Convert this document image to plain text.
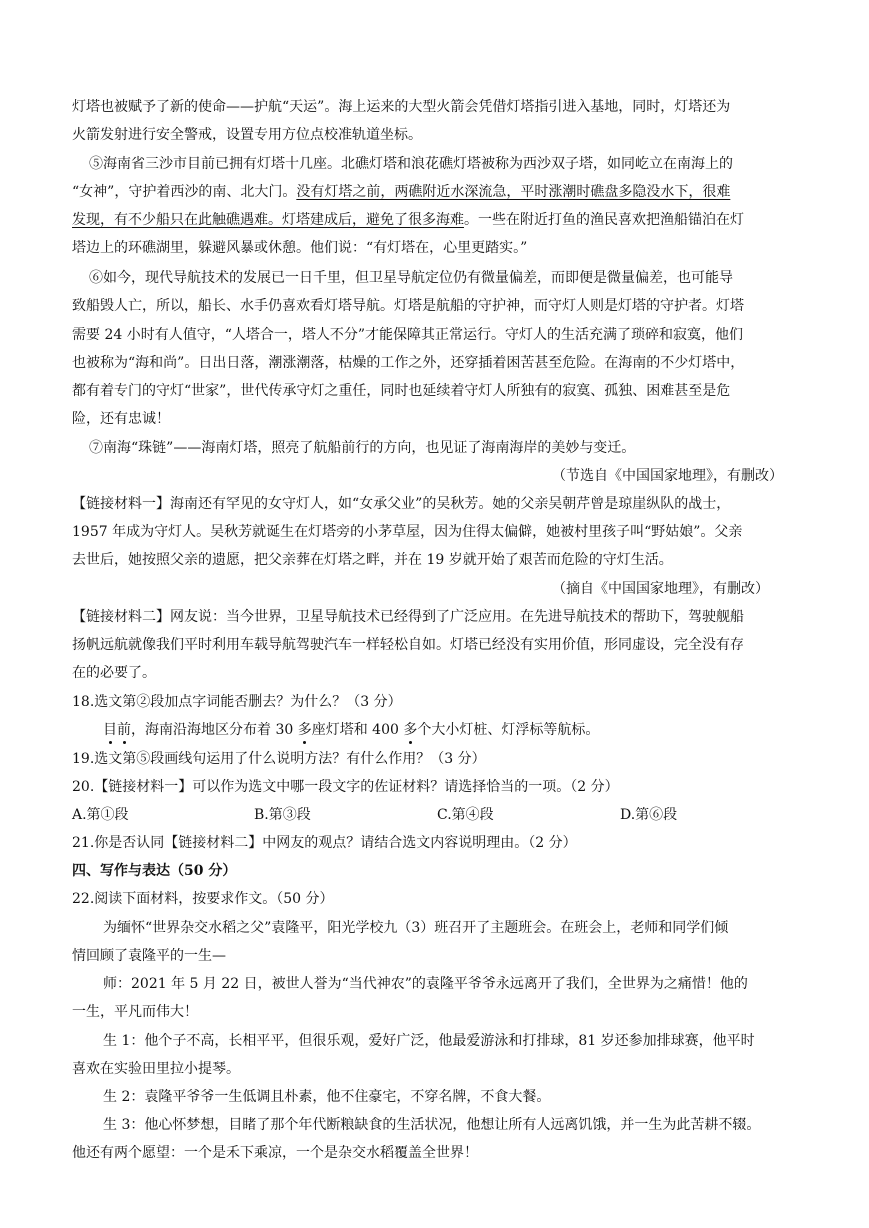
灯塔也被赋予了新的使命——护航“天运”。海上运来的大型火箭会凭借灯塔指引进入基地，同时，灯塔还为
火箭发射进行安全警戒，设置专用方位点校准轨道坐标。
⑤海南省三沙市目前已拥有灯塔十几座。北礁灯塔和浪花礁灯塔被称为西沙双子塔，如同屹立在南海上的
“女神”，守护着西沙的南、北大门。没有灯塔之前，两礁附近水深流急，平时涨潮时礁盘多隐没水下，很难
发现，有不少船只在此触礁遇难。灯塔建成后，避免了很多海难。一些在附近打鱼的渔民喜欢把渔船锚泊在灯
塔边上的环礁湖里，躲避风暴或休憩。他们说：“有灯塔在，心里更踏实。”
⑥如今，现代导航技术的发展已一日千里，但卫星导航定位仍有微量偏差，而即便是微量偏差，也可能导
致船毁人亡，所以，船长、水手仍喜欢看灯塔导航。灯塔是航船的守护神，而守灯人则是灯塔的守护者。灯塔
需要 24 小时有人值守，“人塔合一，塔人不分”才能保障其正常运行。守灯人的生活充满了琐碎和寂寞，他们
也被称为“海和尚”。日出日落，潮涨潮落，枯燥的工作之外，还穿插着困苦甚至危险。在海南的不少灯塔中，
都有着专门的守灯“世家”，世代传承守灯之重任，同时也延续着守灯人所独有的寂寞、孤独、困难甚至是危
险，还有忠诚！
⑦南海“珠链”——海南灯塔，照亮了航船前行的方向，也见证了海南海岸的美妙与变迁。
（节选自《中国国家地理》，有删改）
【链接材料一】海南还有罕见的女守灯人，如“女承父业”的吴秋芳。她的父亲吴朝芹曾是琼崖纵队的战士，
1957 年成为守灯人。吴秋芳就诞生在灯塔旁的小茅草屋，因为住得太偏僻，她被村里孩子叫“野姑娘”。父亲
去世后，她按照父亲的遗愿，把父亲葬在灯塔之畔，并在 19 岁就开始了艰苦而危险的守灯生活。
（摘自《中国国家地理》，有删改）
【链接材料二】网友说：当今世界，卫星导航技术已经得到了广泛应用。在先进导航技术的帮助下，驾驶舰船
扬帆远航就像我们平时利用车载导航驾驶汽车一样轻松自如。灯塔已经没有实用价值，形同虚设，完全没有存
在的必要了。
18.选文第②段加点字词能否删去？为什么？（3 分）
目前，海南沿海地区分布着 30 多座灯塔和 400 多个大小灯桩、灯浮标等航标。
19.选文第⑤段画线句运用了什么说明方法？有什么作用？（3 分）
20.【链接材料一】可以作为选文中哪一段文字的佐证材料？请选择恰当的一项。（2 分）
A.第①段	B.第③段	C.第④段	D.第⑥段
21.你是否认同【链接材料二】中网友的观点？请结合选文内容说明理由。（2 分）
四、写作与表达（50 分）
22.阅读下面材料，按要求作文。（50 分）
为缅怀“世界杂交水稻之父”袁隆平，阳光学校九（3）班召开了主题班会。在班会上，老师和同学们倾
情回顾了袁隆平的一生—
师：2021 年 5 月 22 日，被世人誉为“当代神农”的袁隆平爷爷永远离开了我们，全世界为之痛惜！他的
一生，平凡而伟大！
生 1：他个子不高，长相平平，但很乐观，爱好广泛，他最爱游泳和打排球，81 岁还参加排球赛，他平时
喜欢在实验田里拉小提琴。
生 2：袁隆平爷爷一生低调且朴素，他不住豪宅，不穿名牌，不食大餐。
生 3：他心怀梦想，目睹了那个年代断粮缺食的生活状况，他想让所有人远离饥饿，并一生为此苦耕不辍。
他还有两个愿望：一个是禾下乘凉，一个是杂交水稻覆盖全世界！
